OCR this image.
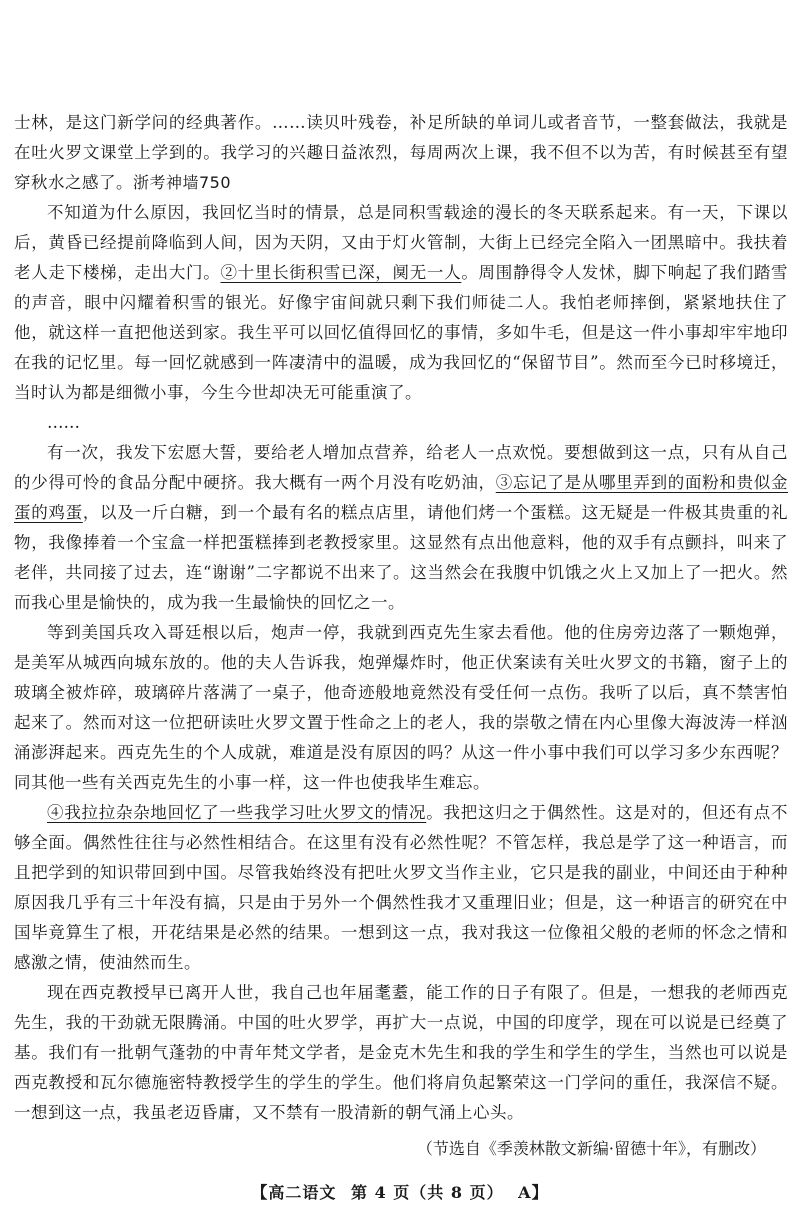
士林，是这门新学问的经典著作。……读贝叶残卷，补足所缺的单词儿或者音节，一整套做法，我就是在吐火罗文课堂上学到的。我学习的兴趣日益浓烈，每周两次上课，我不但不以为苦，有时候甚至有望穿秋水之感了。浙考神墙750

不知道为什么原因，我回忆当时的情景，总是同积雪载途的漫长的冬天联系起来。有一天，下课以后，黄昏已经提前降临到人间，因为天阴，又由于灯火管制，大街上已经完全陷入一团黑暗中。我扶着老人走下楼梯，走出大门。②十里长街积雪已深，阒无一人。周围静得令人发怵，脚下响起了我们踏雪的声音，眼中闪耀着积雪的银光。好像宇宙间就只剩下我们师徒二人。我怕老师摔倒，紧紧地扶住了他，就这样一直把他送到家。我生平可以回忆值得回忆的事情，多如牛毛，但是这一件小事却牢牢地印在我的记忆里。每一回忆就感到一阵凄清中的温暖，成为我回忆的“保留节目”。然而至今已时移境迁，当时认为都是细微小事，今生今世却决无可能重演了。

……

有一次，我发下宏愿大誓，要给老人增加点营养，给老人一点欢悦。要想做到这一点，只有从自己的少得可怜的食品分配中硬挤。我大概有一两个月没有吃奶油，③忘记了是从哪里弄到的面粉和贵似金蛋的鸡蛋，以及一斤白糖，到一个最有名的糕点店里，请他们烤一个蛋糕。这无疑是一件极其贵重的礼物，我像捧着一个宝盒一样把蛋糕捧到老教授家里。这显然有点出他意料，他的双手有点颤抖，叫来了老伴，共同接了过去，连“谢谢”二字都说不出来了。这当然会在我腹中饥饿之火上又加上了一把火。然而我心里是愉快的，成为我一生最愉快的回忆之一。

等到美国兵攻入哥廷根以后，炮声一停，我就到西克先生家去看他。他的住房旁边落了一颗炮弹，是美军从城西向城东放的。他的夫人告诉我，炮弹爆炸时，他正伏案读有关吐火罗文的书籍，窗子上的玻璃全被炸碎，玻璃碎片落满了一桌子，他奇迹般地竟然没有受任何一点伤。我听了以后，真不禁害怕起来了。然而对这一位把研读吐火罗文置于性命之上的老人，我的崇敬之情在内心里像大海波涛一样汹涌澎湃起来。西克先生的个人成就，难道是没有原因的吗？从这一件小事中我们可以学习多少东西呢？同其他一些有关西克先生的小事一样，这一件也使我毕生难忘。

④我拉拉杂杂地回忆了一些我学习吐火罗文的情况。我把这归之于偶然性。这是对的，但还有点不够全面。偶然性往往与必然性相结合。在这里有没有必然性呢？不管怎样，我总是学了这一种语言，而且把学到的知识带回到中国。尽管我始终没有把吐火罗文当作主业，它只是我的副业，中间还由于种种原因我几乎有三十年没有搞，只是由于另外一个偶然性我才又重理旧业；但是，这一种语言的研究在中国毕竟算生了根，开花结果是必然的结果。一想到这一点，我对我这一位像祖父般的老师的怀念之情和感激之情，使油然而生。

现在西克教授早已离开人世，我自己也年届耄耋，能工作的日子有限了。但是，一想我的老师西克先生，我的干劲就无限腾涌。中国的吐火罗学，再扩大一点说，中国的印度学，现在可以说是已经奠了基。我们有一批朝气蓬勃的中青年梵文学者，是金克木先生和我的学生和学生的学生，当然也可以说是西克教授和瓦尔德施密特教授学生的学生的学生。他们将肩负起繁荣这一门学问的重任，我深信不疑。一想到这一点，我虽老迈昏庸，又不禁有一股清新的朝气涌上心头。

（节选自《季羡林散文新编·留德十年》，有删改）

【高二语文 第 4 页（共 8 页） A】
